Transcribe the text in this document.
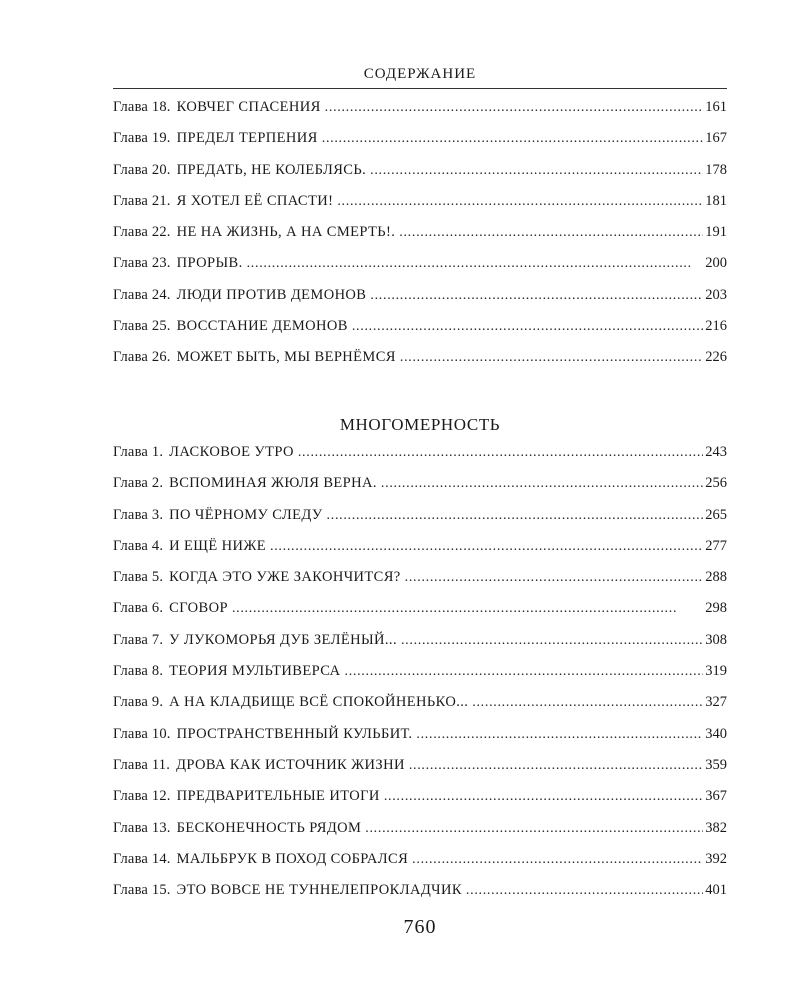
СОДЕРЖАНИЕ
Глава 18. КОВЧЕГ СПАСЕНИЯ . . .	161
Глава 19. ПРЕДЕЛ ТЕРПЕНИЯ . . .	167
Глава 20. ПРЕДАТЬ, НЕ КОЛЕБЛЯСЬ. . . .	178
Глава 21. Я ХОТЕЛ ЕЁ СПАСТИ! . . .	181
Глава 22. НЕ НА ЖИЗНЬ, А НА СМЕРТЬ!. . . .	191
Глава 23. ПРОРЫВ. . . .	200
Глава 24. ЛЮДИ ПРОТИВ ДЕМОНОВ . . .	203
Глава 25. ВОССТАНИЕ ДЕМОНОВ . . .	216
Глава 26. МОЖЕТ БЫТЬ, МЫ ВЕРНЁМСЯ . . .	226
МНОГОМЕРНОСТЬ
Глава 1. ЛАСКОВОЕ УТРО . . .	243
Глава 2. ВСПОМИНАЯ ЖЮЛЯ ВЕРНА. . . .	256
Глава 3. ПО ЧЁРНОМУ СЛЕДУ . . .	265
Глава 4. И ЕЩЁ НИЖЕ . . .	277
Глава 5. КОГДА ЭТО УЖЕ ЗАКОНЧИТСЯ? . . .	288
Глава 6. СГОВОР . . .	298
Глава 7. У ЛУКОМОРЬЯ ДУБ ЗЕЛЁНЫЙ... . . .	308
Глава 8. ТЕОРИЯ МУЛЬТИВЕРСА . . .	319
Глава 9. А НА КЛАДБИЩЕ ВСЁ СПОКОЙНЕНЬКО... . . .	327
Глава 10. ПРОСТРАНСТВЕННЫЙ КУЛЬБИТ. . . .	340
Глава 11. ДРОВА КАК ИСТОЧНИК ЖИЗНИ . . .	359
Глава 12. ПРЕДВАРИТЕЛЬНЫЕ ИТОГИ . . .	367
Глава 13. БЕСКОНЕЧНОСТЬ РЯДОМ . . .	382
Глава 14. МАЛЬБРУК В ПОХОД СОБРАЛСЯ . . .	392
Глава 15. ЭТО ВОВСЕ НЕ ТУННЕЛЕПРОКЛАДЧИК . . .	401
760
